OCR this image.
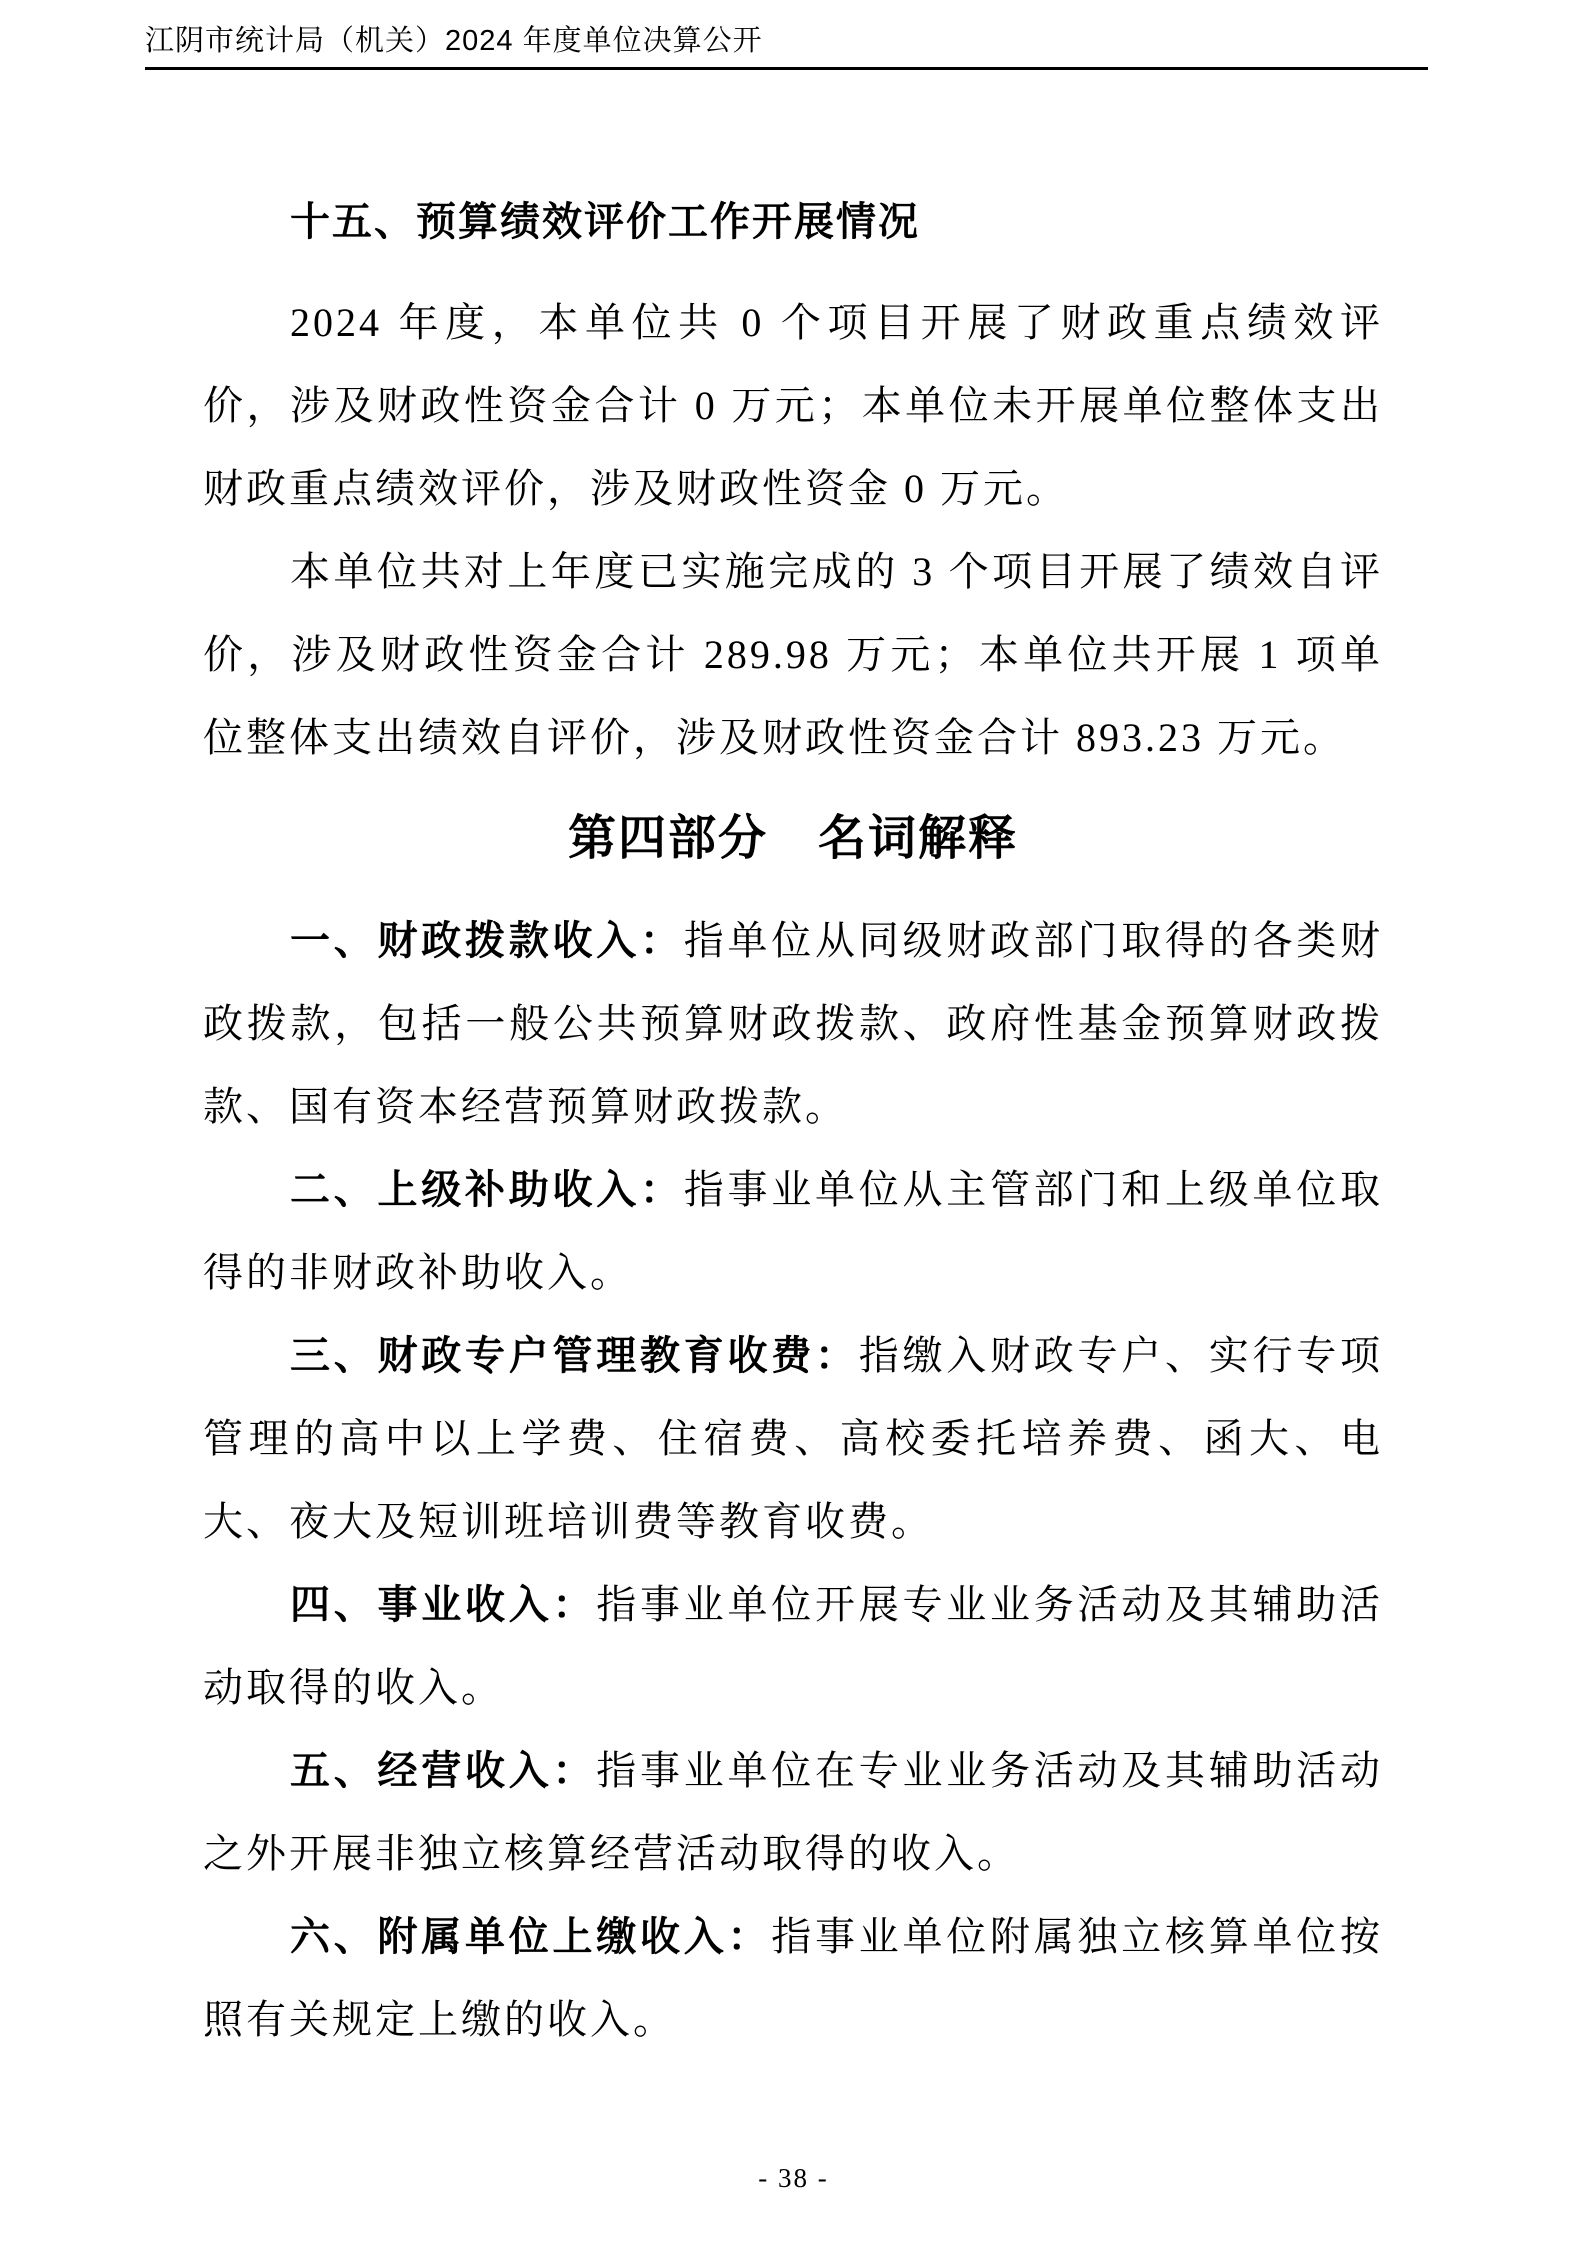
江阴市统计局（机关）2024 年度单位决算公开
十五、预算绩效评价工作开展情况

2024 年度，本单位共 0 个项目开展了财政重点绩效评价，涉及财政性资金合计 0 万元；本单位未开展单位整体支出财政重点绩效评价，涉及财政性资金 0 万元。

本单位共对上年度已实施完成的 3 个项目开展了绩效自评价，涉及财政性资金合计 289.98 万元；本单位共开展 1 项单位整体支出绩效自评价，涉及财政性资金合计 893.23 万元。

第四部分　名词解释

一、财政拨款收入：指单位从同级财政部门取得的各类财政拨款，包括一般公共预算财政拨款、政府性基金预算财政拨款、国有资本经营预算财政拨款。

二、上级补助收入：指事业单位从主管部门和上级单位取得的非财政补助收入。

三、财政专户管理教育收费：指缴入财政专户、实行专项管理的高中以上学费、住宿费、高校委托培养费、函大、电大、夜大及短训班培训费等教育收费。

四、事业收入：指事业单位开展专业业务活动及其辅助活动取得的收入。

五、经营收入：指事业单位在专业业务活动及其辅助活动之外开展非独立核算经营活动取得的收入。

六、附属单位上缴收入：指事业单位附属独立核算单位按照有关规定上缴的收入。

- 38 -
